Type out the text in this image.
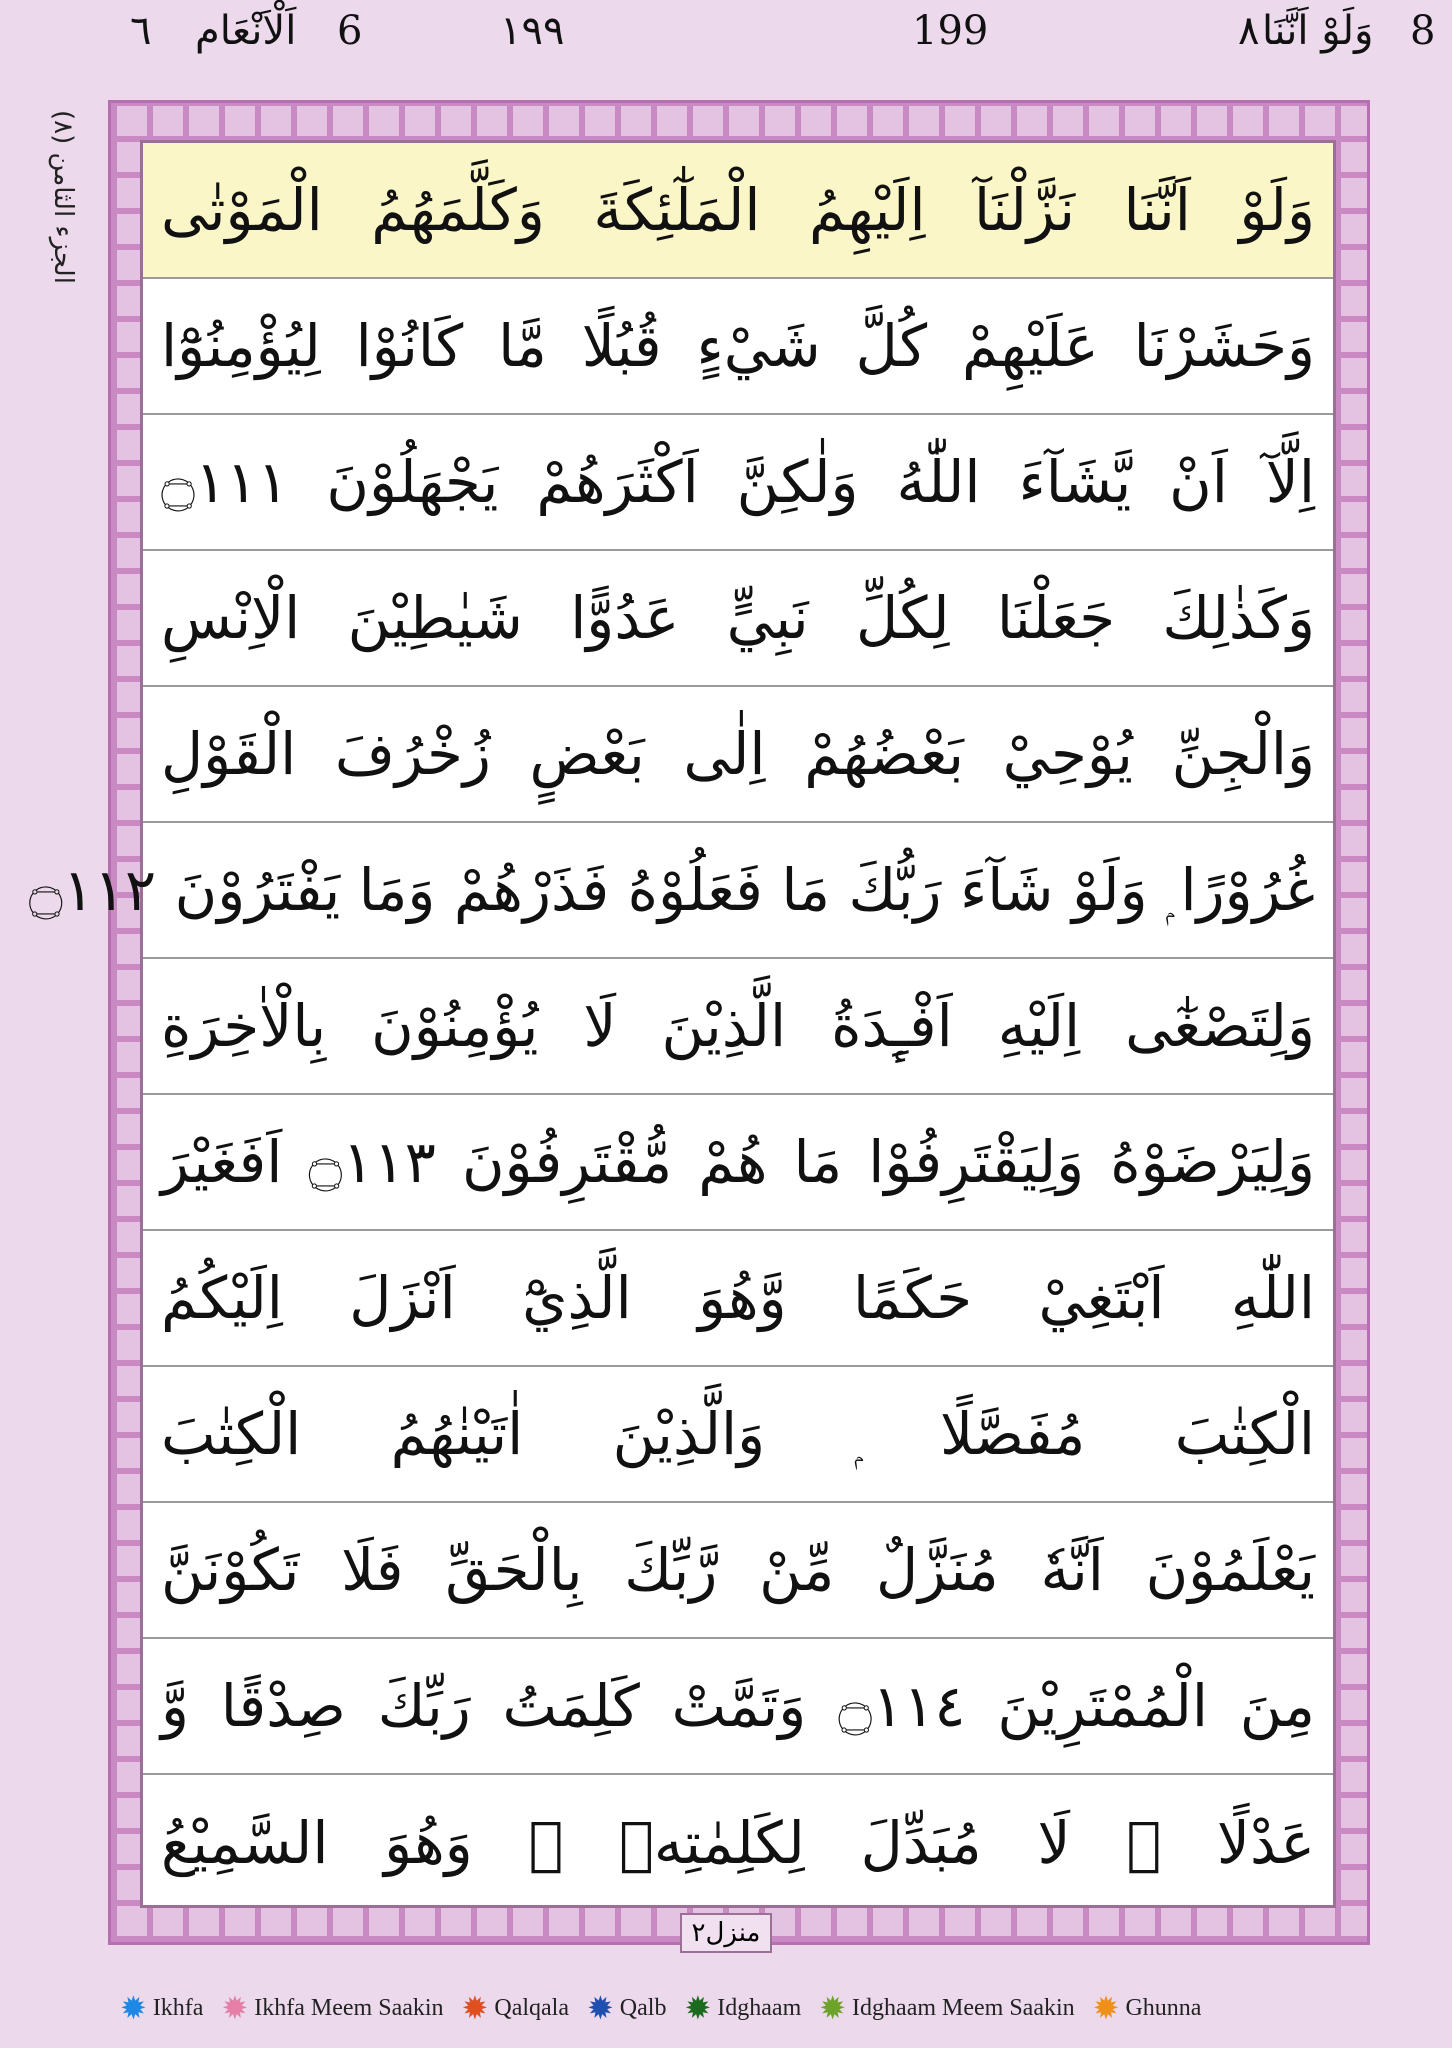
8
وَلَوْ اَنَّنَا
٨
199
١٩٩
6
اَلْاَنْعَام
٦
الجزء الثامن (٨) وَلَوْ اَنَّنَا نَزَّلْنَآ اِلَيْهِمُ الْمَلٰٓئِكَةَ وَكَلَّمَهُمُ الْمَوْتٰى
وَحَشَرْنَا عَلَيْهِمْ كُلَّ شَيْءٍ قُبُلًا مَّا كَانُوْا لِيُؤْمِنُوْٓا
اِلَّآ اَنْ يَّشَآءَ اللّٰهُ وَلٰكِنَّ اَكْثَرَهُمْ يَجْهَلُوْنَ ۝١١١
وَكَذٰلِكَ جَعَلْنَا لِكُلِّ نَبِيٍّ عَدُوًّا شَيٰطِيْنَ الْاِنْسِ
وَالْجِنِّ يُوْحِيْ بَعْضُهُمْ اِلٰى بَعْضٍ زُخْرُفَ الْقَوْلِ
غُرُوْرًا ۭ وَلَوْ شَآءَ رَبُّكَ مَا فَعَلُوْهُ فَذَرْهُمْ وَمَا يَفْتَرُوْنَ ۝١١٢
وَلِتَصْغٰٓى اِلَيْهِ اَفْـِٕدَةُ الَّذِيْنَ لَا يُؤْمِنُوْنَ بِالْاٰخِرَةِ
وَلِيَرْضَوْهُ وَلِيَقْتَرِفُوْا مَا هُمْ مُّقْتَرِفُوْنَ ۝١١٣ اَفَغَيْرَ
اللّٰهِ اَبْتَغِيْ حَكَمًا وَّهُوَ الَّذِيْٓ اَنْزَلَ اِلَيْكُمُ
الْكِتٰبَ مُفَصَّلًا ۭ وَالَّذِيْنَ اٰتَيْنٰهُمُ الْكِتٰبَ
يَعْلَمُوْنَ اَنَّهٗ مُنَزَّلٌ مِّنْ رَّبِّكَ بِالْحَقِّ فَلَا تَكُوْنَنَّ
مِنَ الْمُمْتَرِيْنَ ۝١١٤ وَتَمَّتْ كَلِمَتُ رَبِّكَ صِدْقًا وَّ
عَدْلًا ۭ لَا مُبَدِّلَ لِكَلِمٰتِهٖ ۚ وَهُوَ السَّمِيْعُ
منزل٢
✹ Ikhfa ✹ Ikhfa Meem Saakin ✹ Qalqala ✹ Qalb ✹ Idghaam ✹ Idghaam Meem Saakin ✹ Ghunna
